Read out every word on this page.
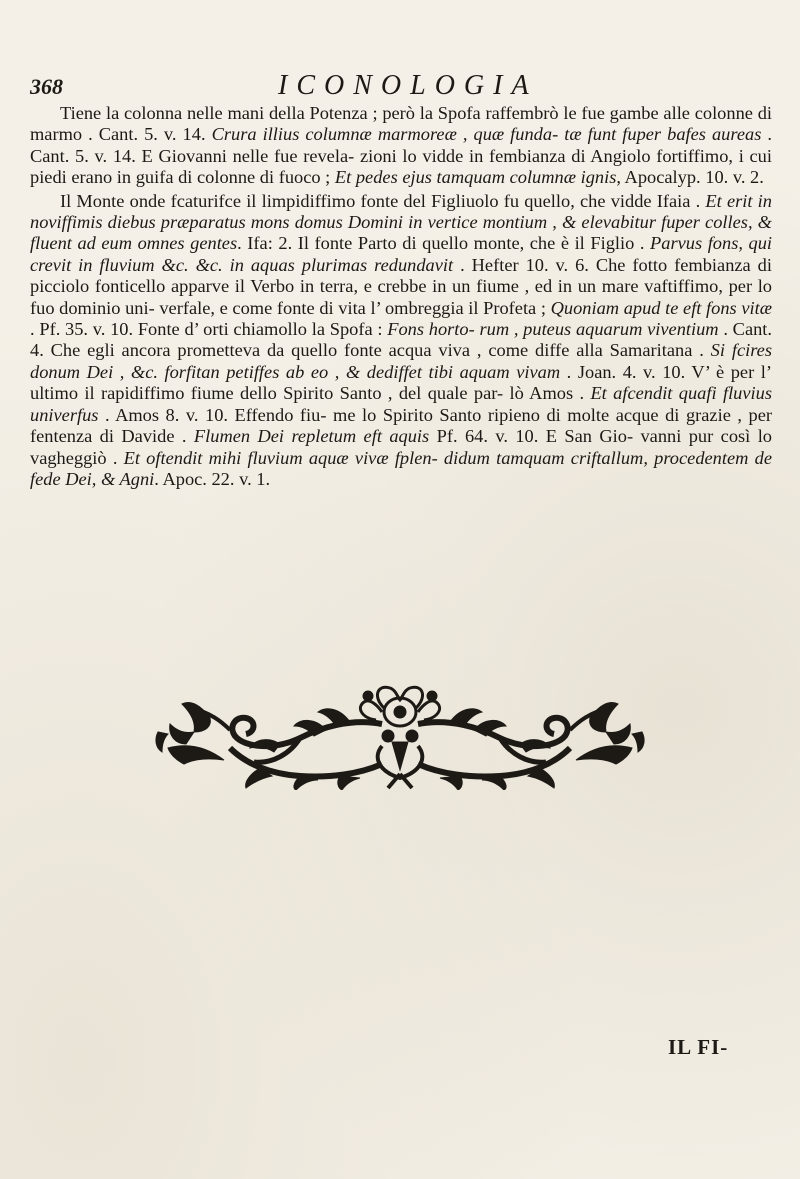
368	ICONOLOGIA

Tiene la colonna nelle mani della Potenza ; però la Spofa raffembrò le fue gambe alle colonne di marmo . Cant. 5. v. 14. Crura illius columnæ marmoreæ , quæ funda- tæ funt fuper bafes aureas . Cant. 5. v. 14. E Giovanni nelle fue revela- zioni lo vidde in fembianza di Angiolo fortiffimo, i cui piedi erano in guifa di colonne di fuoco ; Et pedes ejus tamquam columnæ ignis, Apocalyp. 10. v. 2.

Il Monte onde fcaturifce il limpidiffimo fonte del Figliuolo fu quello, che vidde Ifaia . Et erit in noviffimis diebus præparatus mons domus Domini in vertice montium , & elevabitur fuper colles, & fluent ad eum omnes gentes. Ifa: 2. Il fonte Parto di quello monte, che è il Figlio . Parvus fons, qui crevit in fluvium &c. &c. in aquas plurimas redundavit . Hefter 10. v. 6. Che fotto fembianza di picciolo fonticello apparve il Verbo in terra, e crebbe in un fiume , ed in un mare vaftiffimo, per lo fuo dominio uni- verfale, e come fonte di vita l’ ombreggia il Profeta ; Quoniam apud te eft fons vitæ . Pf. 35. v. 10. Fonte d’ orti chiamollo la Spofa : Fons horto- rum , puteus aquarum viventium . Cant. 4. Che egli ancora prometteva da quello fonte acqua viva , come diffe alla Samaritana . Si fcires donum Dei , &c. forfitan petiffes ab eo , & dediffet tibi aquam vivam . Joan. 4. v. 10. V’ è per l’ ultimo il rapidiffimo fiume dello Spirito Santo , del quale par- lò Amos . Et afcendit quafi fluvius univerfus . Amos 8. v. 10. Effendo fiu- me lo Spirito Santo ripieno di molte acque di grazie , per fentenza di Davide . Flumen Dei repletum eft aquis Pf. 64. v. 10. E San Gio- vanni pur così lo vagheggiò . Et oftendit mihi fluvium aquæ vivæ fplen- didum tamquam criftallum, procedentem de fede Dei, & Agni. Apoc. 22. v. 1.

IL FI-
